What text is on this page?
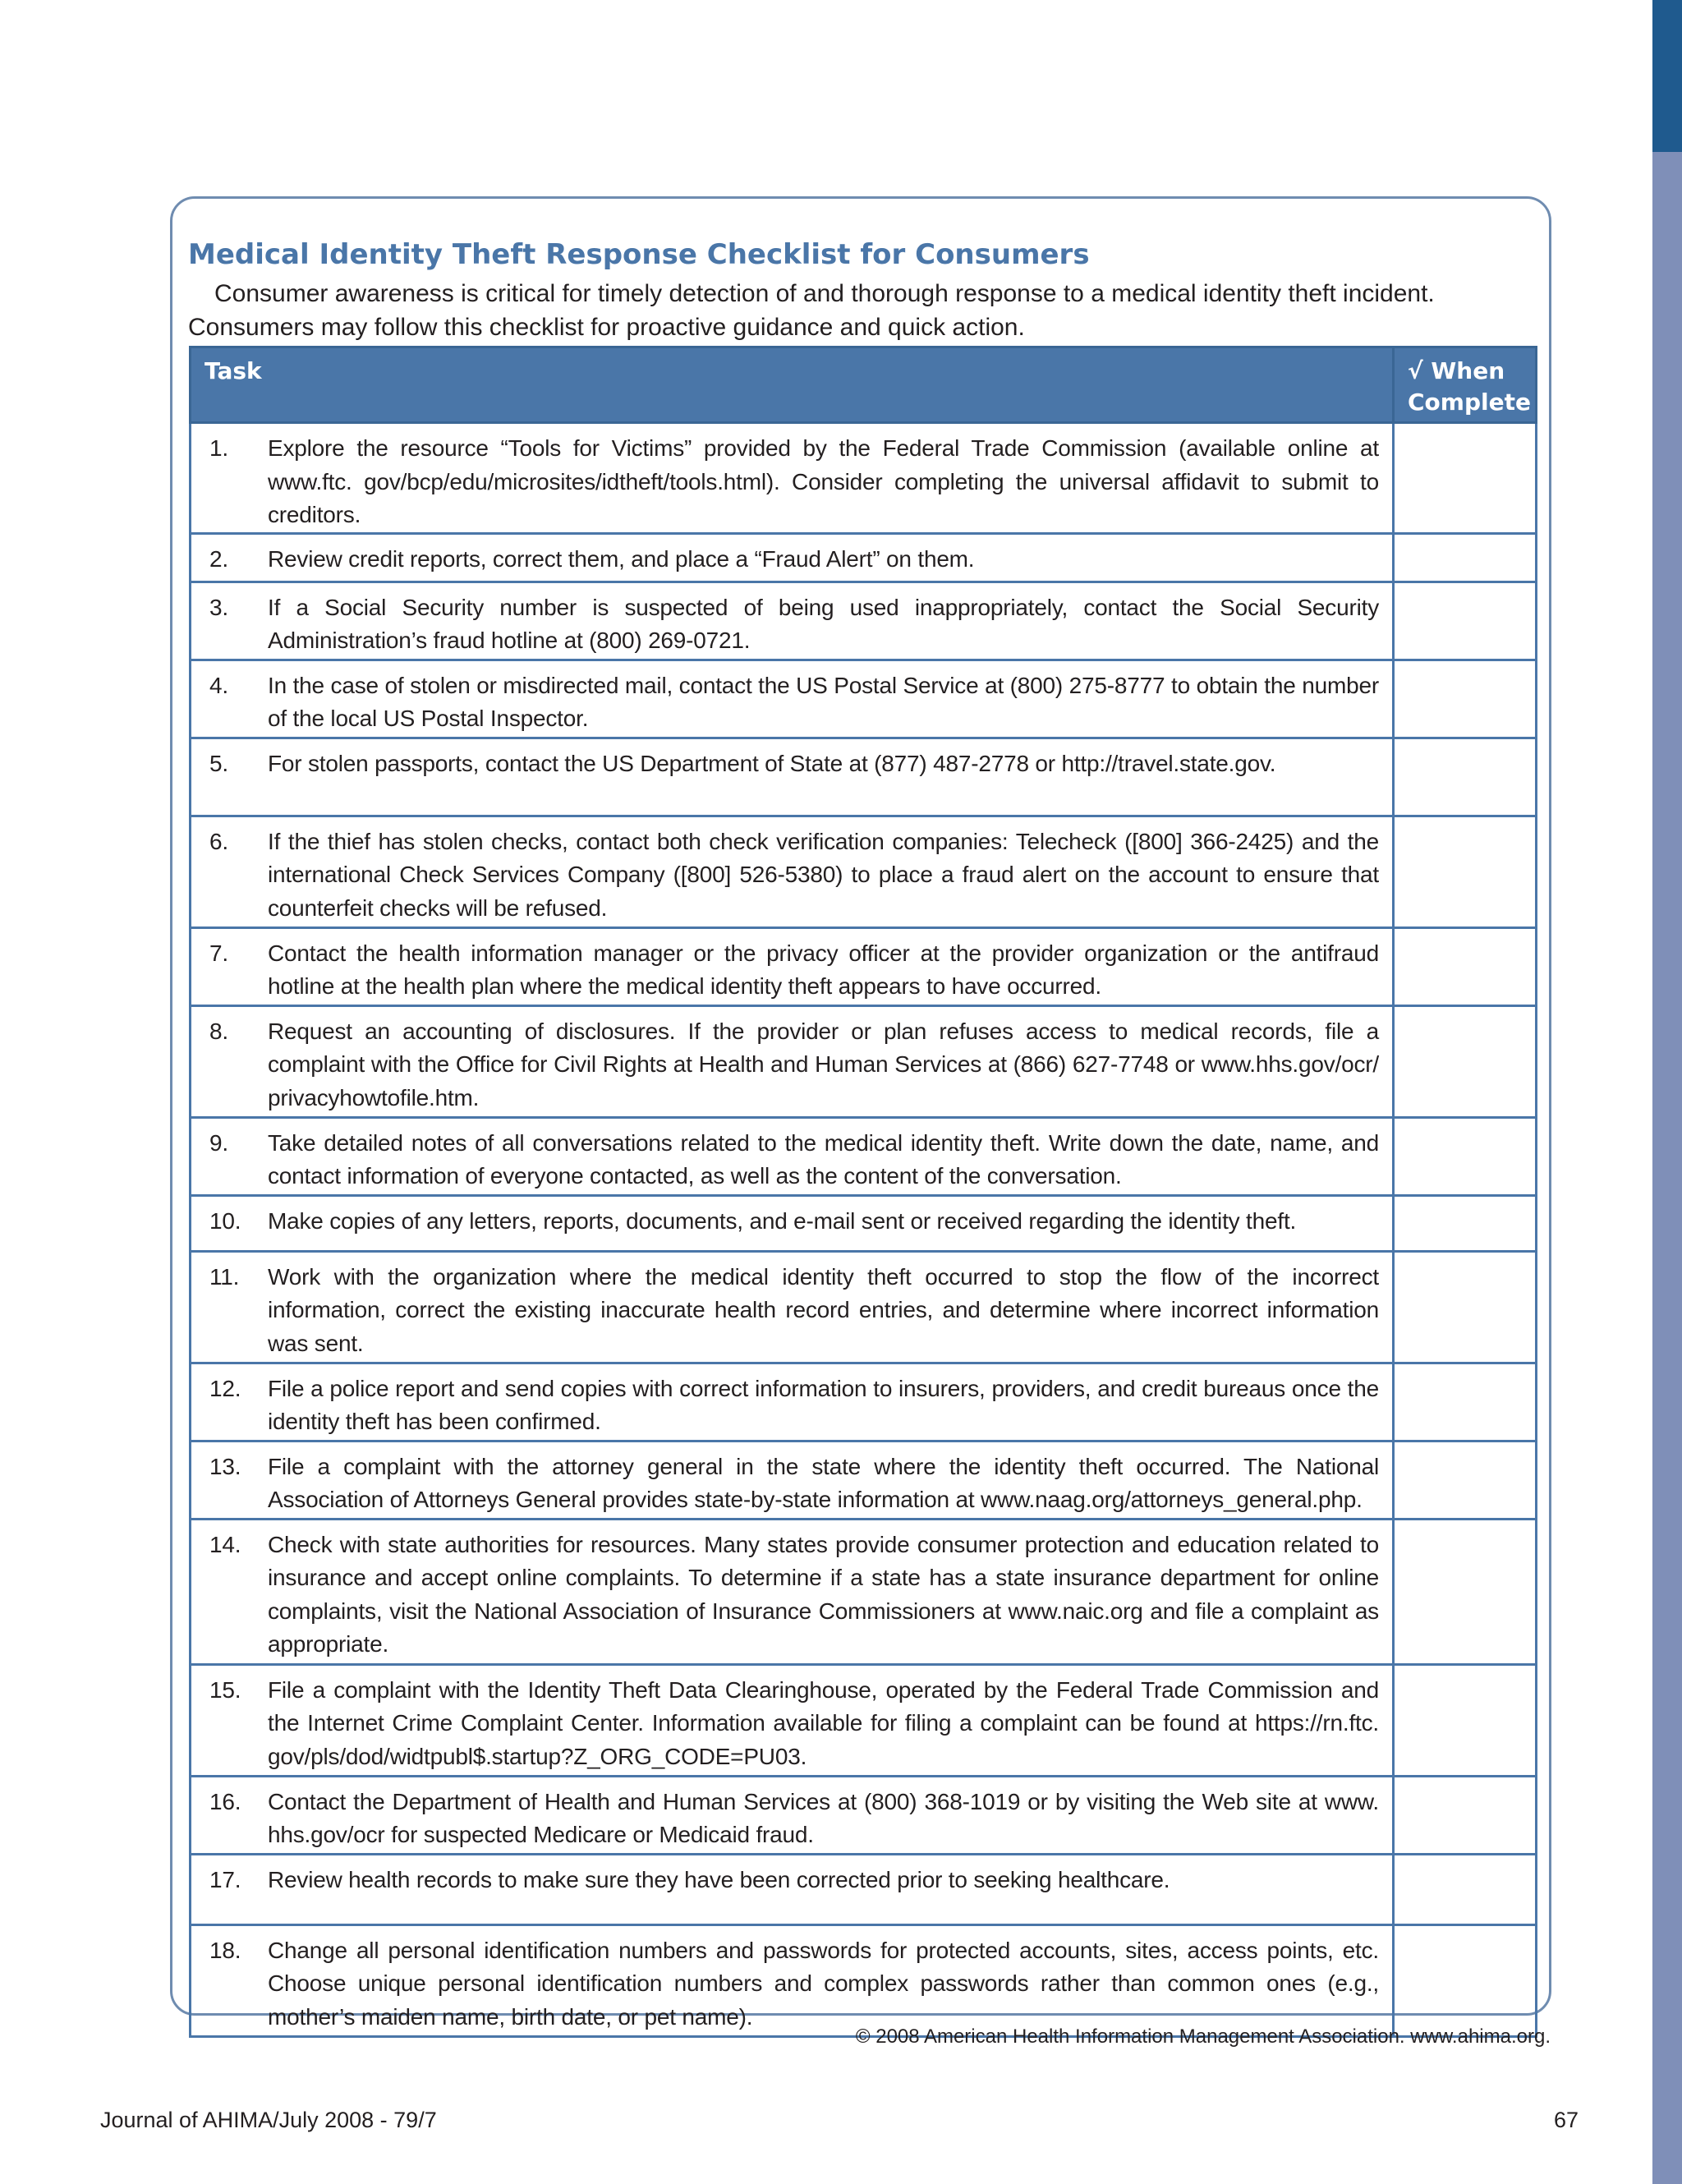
Medical Identity Theft Response Checklist for Consumers
Consumer awareness is critical for timely detection of and thorough response to a medical identity theft incident.
Consumers may follow this checklist for proactive guidance and quick action.
Task	√ When
Complete

1. Explore the resource “Tools for Victims” provided by the Federal Trade Commission (available online at www.ftc. gov/bcp/edu/microsites/idtheft/tools.html). Consider completing the universal affidavit to submit to creditors.	

2. Review credit reports, correct them, and place a “Fraud Alert” on them.	

3. If a Social Security number is suspected of being used inappropriately, contact the Social Security Administration’s fraud hotline at (800) 269-0721.	

4. In the case of stolen or misdirected mail, contact the US Postal Service at (800) 275-8777 to obtain the number of the local US Postal Inspector.	

5. For stolen passports, contact the US Department of State at (877) 487-2778 or http://travel.state.gov.	

6. If the thief has stolen checks, contact both check verification companies: Telecheck ([800] 366-2425) and the international Check Services Company ([800] 526-5380) to place a fraud alert on the account to ensure that counterfeit checks will be refused.	

7. Contact the health information manager or the privacy officer at the provider organization or the antifraud hotline at the health plan where the medical identity theft appears to have occurred.	

8. Request an accounting of disclosures. If the provider or plan refuses access to medical records, file a complaint with the Office for Civil Rights at Health and Human Services at (866) 627-7748 or www.hhs.gov/ocr/ privacyhowtofile.htm.	

9. Take detailed notes of all conversations related to the medical identity theft. Write down the date, name, and contact information of everyone contacted, as well as the content of the conversation.	

10. Make copies of any letters, reports, documents, and e-mail sent or received regarding the identity theft.	

11. Work with the organization where the medical identity theft occurred to stop the flow of the incorrect information, correct the existing inaccurate health record entries, and determine where incorrect information was sent.	

12. File a police report and send copies with correct information to insurers, providers, and credit bureaus once the identity theft has been confirmed.	

13. File a complaint with the attorney general in the state where the identity theft occurred. The National Association of Attorneys General provides state-by-state information at www.naag.org/attorneys_general.php.	

14. Check with state authorities for resources. Many states provide consumer protection and education related to insurance and accept online complaints. To determine if a state has a state insurance department for online complaints, visit the National Association of Insurance Commissioners at www.naic.org and file a complaint as appropriate.	

15. File a complaint with the Identity Theft Data Clearinghouse, operated by the Federal Trade Commission and the Internet Crime Complaint Center. Information available for filing a complaint can be found at https://rn.ftc. gov/pls/dod/widtpubl$.startup?Z_ORG_CODE=PU03.	

16. Contact the Department of Health and Human Services at (800) 368-1019 or by visiting the Web site at www. hhs.gov/ocr for suspected Medicare or Medicaid fraud.	

17. Review health records to make sure they have been corrected prior to seeking healthcare.	

18. Change all personal identification numbers and passwords for protected accounts, sites, access points, etc. Choose unique personal identification numbers and complex passwords rather than common ones (e.g., mother’s maiden name, birth date, or pet name).	

© 2008 American Health Information Management Association. www.ahima.org.
Journal of AHIMA/July 2008 - 79/7	67
